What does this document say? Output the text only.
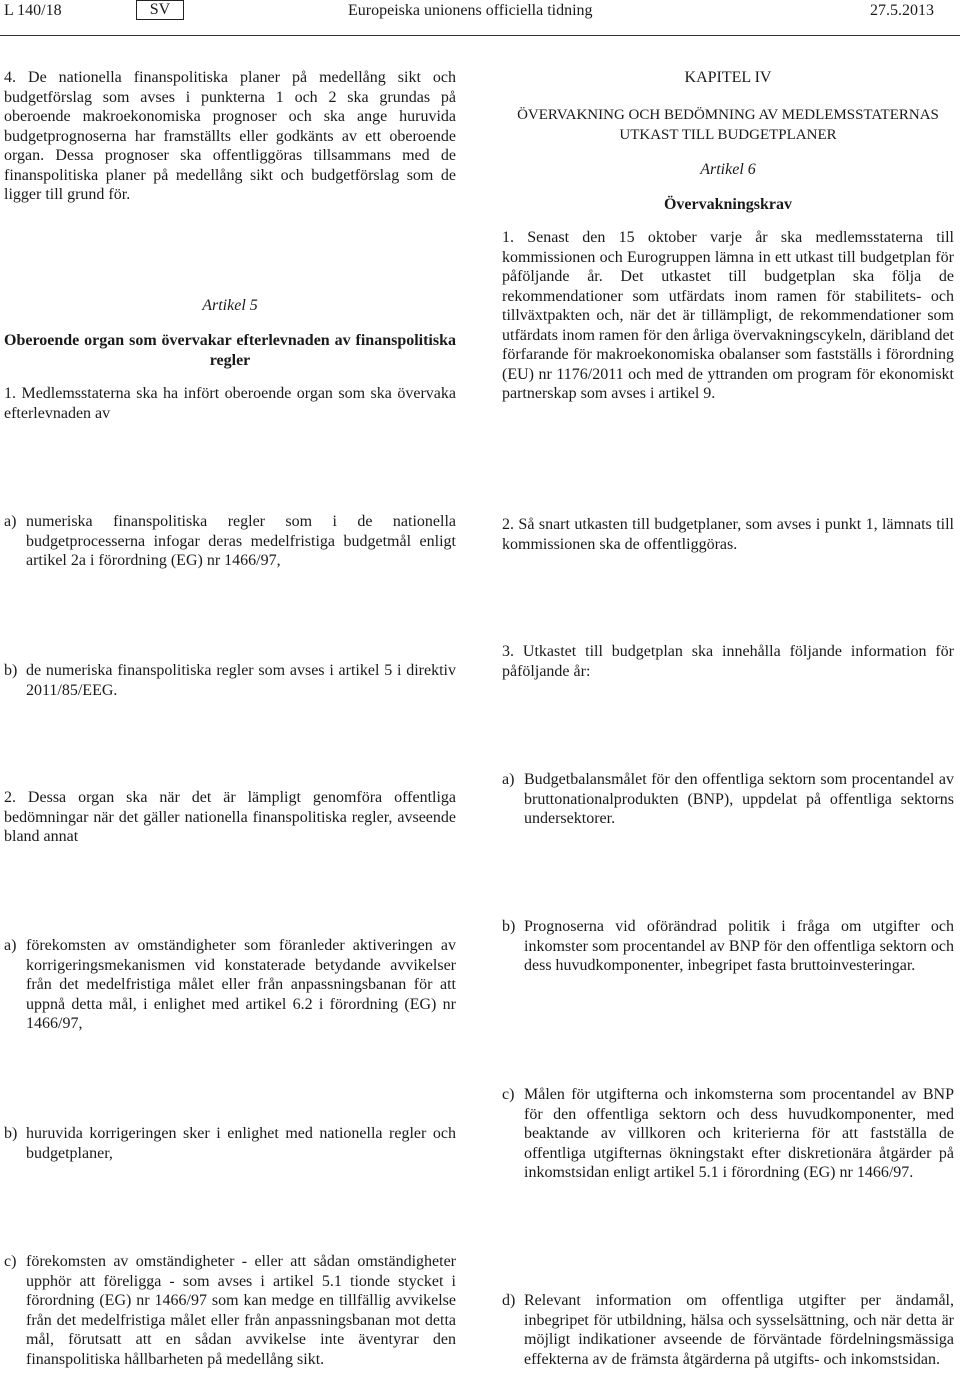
L 140/18	SV	Europeiska unionens officiella tidning	27.5.2013
4. De nationella finanspolitiska planer på medellång sikt och budgetförslag som avses i punkterna 1 och 2 ska grundas på oberoende makroekonomiska prognoser och ska ange huruvida budgetprognoserna har framställts eller godkänts av ett oberoende organ. Dessa prognoser ska offentliggöras tillsammans med de finanspolitiska planer på medellång sikt och budgetförslag som de ligger till grund för.
Artikel 5
Oberoende organ som övervakar efterlevnaden av finanspolitiska regler
1. Medlemsstaterna ska ha infört oberoende organ som ska övervaka efterlevnaden av
a) numeriska finanspolitiska regler som i de nationella budgetprocesserna infogar deras medelfristiga budgetmål enligt artikel 2a i förordning (EG) nr 1466/97,
b) de numeriska finanspolitiska regler som avses i artikel 5 i direktiv 2011/85/EEG.
2. Dessa organ ska när det är lämpligt genomföra offentliga bedömningar när det gäller nationella finanspolitiska regler, avseende bland annat
a) förekomsten av omständigheter som föranleder aktiveringen av korrigeringsmekanismen vid konstaterade betydande avvikelser från det medelfristiga målet eller från anpassningsbanan för att uppnå detta mål, i enlighet med artikel 6.2 i förordning (EG) nr 1466/97,
b) huruvida korrigeringen sker i enlighet med nationella regler och budgetplaner,
c) förekomsten av omständigheter - eller att sådan omständigheter upphör att föreligga - som avses i artikel 5.1 tionde stycket i förordning (EG) nr 1466/97 som kan medge en tillfällig avvikelse från det medelfristiga målet eller från anpassningsbanan mot detta mål, förutsatt att en sådan avvikelse inte äventyrar den finanspolitiska hållbarheten på medellång sikt.
KAPITEL IV
ÖVERVAKNING OCH BEDÖMNING AV MEDLEMSSTATERNAS UTKAST TILL BUDGETPLANER
Artikel 6
Övervakningskrav
1. Senast den 15 oktober varje år ska medlemsstaterna till kommissionen och Eurogruppen lämna in ett utkast till budgetplan för påföljande år. Det utkastet till budgetplan ska följa de rekommendationer som utfärdats inom ramen för stabilitets- och tillväxtpakten och, när det är tillämpligt, de rekommendationer som utfärdats inom ramen för den årliga övervakningscykeln, däribland det förfarande för makroekonomiska obalanser som fastställs i förordning (EU) nr 1176/2011 och med de yttranden om program för ekonomiskt partnerskap som avses i artikel 9.
2. Så snart utkasten till budgetplaner, som avses i punkt 1, lämnats till kommissionen ska de offentliggöras.
3. Utkastet till budgetplan ska innehålla följande information för påföljande år:
a) Budgetbalansmålet för den offentliga sektorn som procentandel av bruttonationalprodukten (BNP), uppdelat på offentliga sektorns undersektorer.
b) Prognoserna vid oförändrad politik i fråga om utgifter och inkomster som procentandel av BNP för den offentliga sektorn och dess huvudkomponenter, inbegripet fasta bruttoinvesteringar.
c) Målen för utgifterna och inkomsterna som procentandel av BNP för den offentliga sektorn och dess huvudkomponenter, med beaktande av villkoren och kriterierna för att fastställa de offentliga utgifternas ökningstakt efter diskretionära åtgärder på inkomstsidan enligt artikel 5.1 i förordning (EG) nr 1466/97.
d) Relevant information om offentliga utgifter per ändamål, inbegripet för utbildning, hälsa och sysselsättning, och när detta är möjligt indikationer avseende de förväntade fördelningsmässiga effekterna av de främsta åtgärderna på utgifts- och inkomstsidan.
